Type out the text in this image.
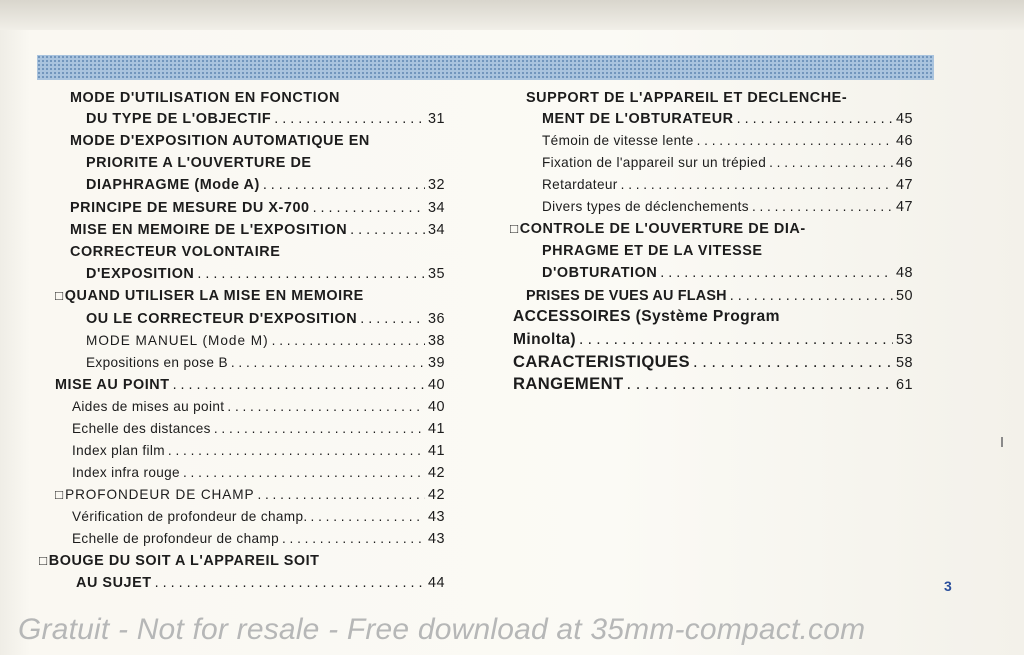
MODE D'UTILISATION EN FONCTION
DU TYPE DE L'OBJECTIF . . .	31
MODE D'EXPOSITION AUTOMATIQUE EN
PRIORITE A L'OUVERTURE DE
DIAPHRAGME (Mode A) . . .	32
PRINCIPE DE MESURE DU X-700 . . .	34
MISE EN MEMOIRE DE L'EXPOSITION . . .	34
CORRECTEUR VOLONTAIRE
D'EXPOSITION . . .	35
□ QUAND UTILISER LA MISE EN MEMOIRE
OU LE CORRECTEUR D'EXPOSITION . . .	36
MODE MANUEL (Mode M) . . .	38
Expositions en pose B . . .	39
MISE AU POINT . . .	40
Aides de mises au point . . .	40
Echelle des distances . . .	41
Index plan film . . .	41
Index infra rouge . . .	42
□ PROFONDEUR DE CHAMP . . .	42
Vérification de profondeur de champ. . . .	43
Echelle de profondeur de champ . . .	43
□ BOUGE DU SOIT A L'APPAREIL SOIT
AU SUJET . . .	44
SUPPORT DE L'APPAREIL ET DECLENCHE-
MENT DE L'OBTURATEUR . . .	45
Témoin de vitesse lente . . .	46
Fixation de l'appareil sur un trépied . . .	46
Retardateur . . .	47
Divers types de déclenchements . . .	47
□ CONTROLE DE L'OUVERTURE DE DIA-
PHRAGME ET DE LA VITESSE
D'OBTURATION . . .	48
PRISES DE VUES AU FLASH . . .	50
ACCESSOIRES (Système Program
Minolta) . . .	53
CARACTERISTIQUES . . .	58
RANGEMENT . . .	61
3
Gratuit - Not for resale - Free download at 35mm-compact.com
